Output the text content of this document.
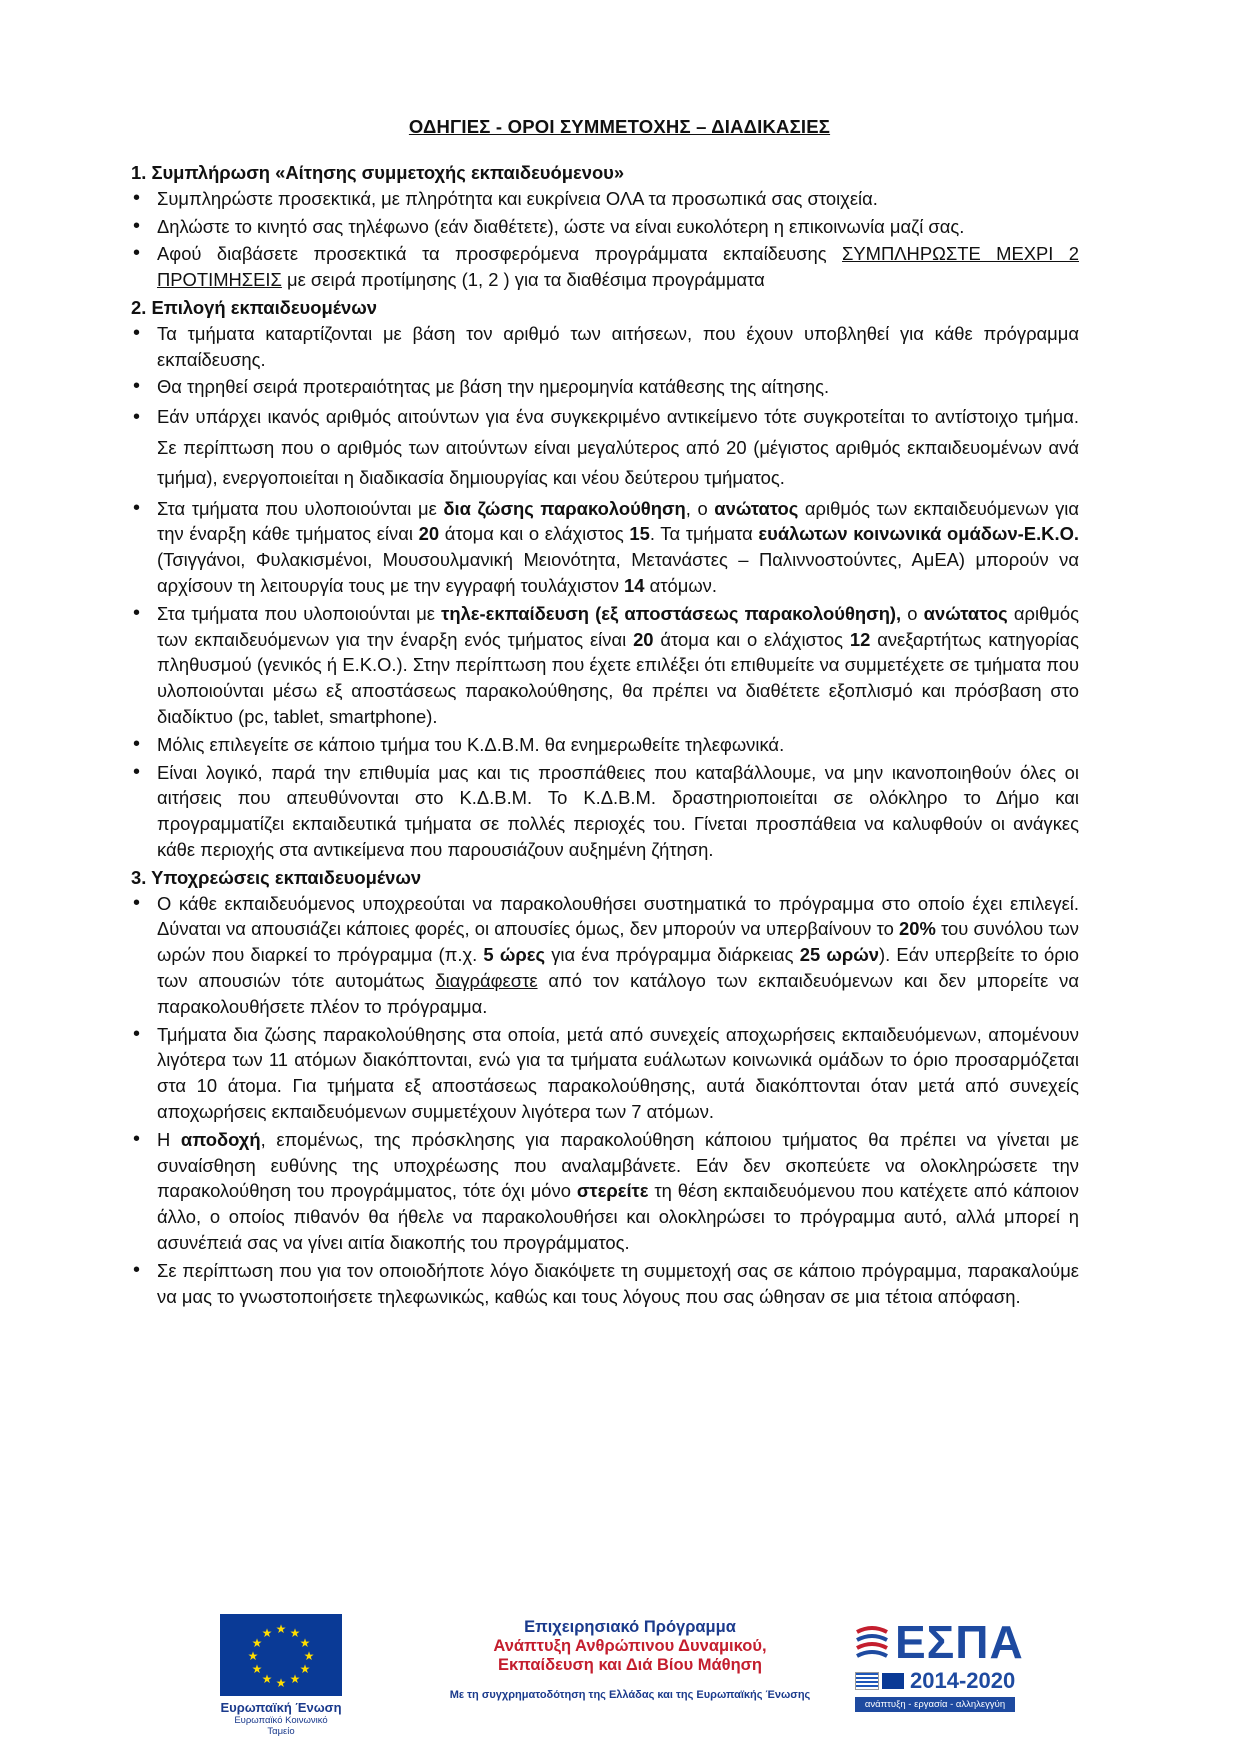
ΟΔΗΓΙΕΣ - ΟΡΟΙ ΣΥΜΜΕΤΟΧΗΣ – ΔΙΑΔΙΚΑΣΙΕΣ

1. Συμπλήρωση «Αίτησης συμμετοχής εκπαιδευόμενου»

• Συμπληρώστε προσεκτικά, με πληρότητα και ευκρίνεια ΟΛΑ τα προσωπικά σας στοιχεία.
• Δηλώστε το κινητό σας τηλέφωνο (εάν διαθέτετε), ώστε να είναι ευκολότερη η επικοινωνία μαζί σας.
• Αφού διαβάσετε προσεκτικά τα προσφερόμενα προγράμματα εκπαίδευσης ΣΥΜΠΛΗΡΩΣΤΕ ΜΕΧΡΙ 2 ΠΡΟΤΙΜΗΣΕΙΣ με σειρά προτίμησης (1, 2 ) για τα διαθέσιμα προγράμματα

2. Επιλογή εκπαιδευομένων

• Τα τμήματα καταρτίζονται με βάση τον αριθμό των αιτήσεων, που έχουν υποβληθεί για κάθε πρόγραμμα εκπαίδευσης.
• Θα τηρηθεί σειρά προτεραιότητας με βάση την ημερομηνία κατάθεσης της αίτησης.
• Εάν υπάρχει ικανός αριθμός αιτούντων για ένα συγκεκριμένο αντικείμενο τότε συγκροτείται το αντίστοιχο τμήμα. Σε περίπτωση που ο αριθμός των αιτούντων είναι μεγαλύτερος από 20 (μέγιστος αριθμός εκπαιδευομένων ανά τμήμα), ενεργοποιείται η διαδικασία δημιουργίας και νέου δεύτερου τμήματος.
• Στα τμήματα που υλοποιούνται με δια ζώσης παρακολούθηση, ο ανώτατος αριθμός των εκπαιδευόμενων για την έναρξη κάθε τμήματος είναι 20 άτομα και ο ελάχιστος 15. Τα τμήματα ευάλωτων κοινωνικά ομάδων-Ε.Κ.Ο. (Τσιγγάνοι, Φυλακισμένοι, Μουσουλμανική Μειονότητα, Μετανάστες – Παλιννοστούντες, ΑμΕΑ) μπορούν να αρχίσουν τη λειτουργία τους με την εγγραφή τουλάχιστον 14 ατόμων.
• Στα τμήματα που υλοποιούνται με τηλε-εκπαίδευση (εξ αποστάσεως παρακολούθηση), ο ανώτατος αριθμός των εκπαιδευόμενων για την έναρξη ενός τμήματος είναι 20 άτομα και ο ελάχιστος 12 ανεξαρτήτως κατηγορίας πληθυσμού (γενικός ή Ε.Κ.Ο.). Στην περίπτωση που έχετε επιλέξει ότι επιθυμείτε να συμμετέχετε σε τμήματα που υλοποιούνται μέσω εξ αποστάσεως παρακολούθησης, θα πρέπει να διαθέτετε εξοπλισμό και πρόσβαση στο διαδίκτυο (pc, tablet, smartphone).
• Μόλις επιλεγείτε σε κάποιο τμήμα του Κ.Δ.Β.Μ. θα ενημερωθείτε τηλεφωνικά.
• Είναι λογικό, παρά την επιθυμία μας και τις προσπάθειες που καταβάλλουμε, να μην ικανοποιηθούν όλες οι αιτήσεις που απευθύνονται στο Κ.Δ.Β.Μ. Το Κ.Δ.Β.Μ. δραστηριοποιείται σε ολόκληρο το Δήμο και προγραμματίζει εκπαιδευτικά τμήματα σε πολλές περιοχές του. Γίνεται προσπάθεια να καλυφθούν οι ανάγκες κάθε περιοχής στα αντικείμενα που παρουσιάζουν αυξημένη ζήτηση.

3. Υποχρεώσεις εκπαιδευομένων

• Ο κάθε εκπαιδευόμενος υποχρεούται να παρακολουθήσει συστηματικά το πρόγραμμα στο οποίο έχει επιλεγεί. Δύναται να απουσιάζει κάποιες φορές, οι απουσίες όμως, δεν μπορούν να υπερβαίνουν το 20% του συνόλου των ωρών που διαρκεί το πρόγραμμα (π.χ. 5 ώρες για ένα πρόγραμμα διάρκειας 25 ωρών). Εάν υπερβείτε το όριο των απουσιών τότε αυτομάτως διαγράφεστε από τον κατάλογο των εκπαιδευόμενων και δεν μπορείτε να παρακολουθήσετε πλέον το πρόγραμμα.
• Τμήματα δια ζώσης παρακολούθησης στα οποία, μετά από συνεχείς αποχωρήσεις εκπαιδευόμενων, απομένουν λιγότερα των 11 ατόμων διακόπτονται, ενώ για τα τμήματα ευάλωτων κοινωνικά ομάδων το όριο προσαρμόζεται στα 10 άτομα. Για τμήματα εξ αποστάσεως παρακολούθησης, αυτά διακόπτονται όταν μετά από συνεχείς αποχωρήσεις εκπαιδευόμενων συμμετέχουν λιγότερα των 7 ατόμων.
• Η αποδοχή, επομένως, της πρόσκλησης για παρακολούθηση κάποιου τμήματος θα πρέπει να γίνεται με συναίσθηση ευθύνης της υποχρέωσης που αναλαμβάνετε. Εάν δεν σκοπεύετε να ολοκληρώσετε την παρακολούθηση του προγράμματος, τότε όχι μόνο στερείτε τη θέση εκπαιδευόμενου που κατέχετε από κάποιον άλλο, ο οποίος πιθανόν θα ήθελε να παρακολουθήσει και ολοκληρώσει το πρόγραμμα αυτό, αλλά μπορεί η ασυνέπειά σας να γίνει αιτία διακοπής του προγράμματος.
• Σε περίπτωση που για τον οποιοδήποτε λόγο διακόψετε τη συμμετοχή σας σε κάποιο πρόγραμμα, παρακαλούμε να μας το γνωστοποιήσετε τηλεφωνικώς, καθώς και τους λόγους που σας ώθησαν σε μια τέτοια απόφαση.
★ ★
★
★
★
★
★
★
★
★
★
★
Ευρωπαϊκή Ένωση
Ευρωπαϊκό Κοινωνικό Ταμείο
Επιχειρησιακό Πρόγραμμα
Ανάπτυξη Ανθρώπινου Δυναμικού,
Εκπαίδευση και Διά Βίου Μάθηση
Με τη συγχρηματοδότηση της Ελλάδας και της Ευρωπαϊκής Ένωσης
ΕΣΠΑ
2014-2020
ανάπτυξη - εργασία - αλληλεγγύη
